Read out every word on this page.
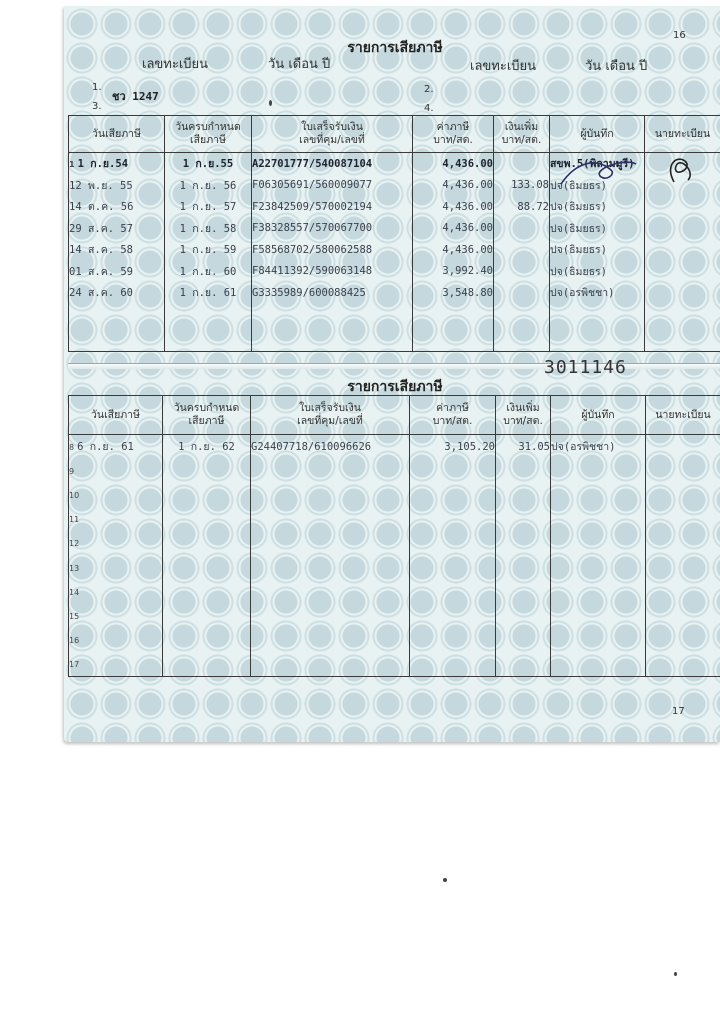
16
รายการเสียภาษี
เลขทะเบียน	วัน เดือน ปี	เลขทะเบียน	วัน เดือน ปี
1.	2.
3.	4.
ชว 1247
วันเสียภาษี	วันครบกำหนด
เสียภาษี	ใบเสร็จรับเงิน
เลขที่คุม/เลขที่	ค่าภาษี
บาท/สต.	เงินเพิ่ม
บาท/สต.	ผู้บันทึก	นายทะเบียน
1 1 ก.ย.54	1 ก.ย.55	A22701777/540087104	4,436.00		สขพ.5(พิลามมูรี)	
12 พ.ย. 55	1 ก.ย. 56	F06305691/560009077	4,436.00	133.08	ปจ(ธิมยธร)	
14 ต.ค. 56	1 ก.ย. 57	F23842509/570002194	4,436.00	88.72	ปจ(ธิมยธร)	
29 ส.ค. 57	1 ก.ย. 58	F38328557/570067700	4,436.00		ปจ(ธิมยธร)	
14 ส.ค. 58	1 ก.ย. 59	F58568702/580062588	4,436.00		ปจ(ธิมยธร)	
01 ส.ค. 59	1 ก.ย. 60	F84411392/590063148	3,992.40		ปจ(ธิมยธร)	
24 ส.ค. 60	1 ก.ย. 61	G3335989/600088425	3,548.80		ปจ(อรพิชชา)	

3011146
รายการเสียภาษี
วันเสียภาษี	วันครบกำหนด
เสียภาษี	ใบเสร็จรับเงิน
เลขที่คุม/เลขที่	ค่าภาษี
บาท/สต.	เงินเพิ่ม
บาท/สต.	ผู้บันทึก	นายทะเบียน
8 6 ก.ย. 61	1 ก.ย. 62	G24407718/610096626	3,105.20	31.05	ปจ(อรพิชชา)	
9						
10						
11						
12						
13						
14						
15						
16						
17						
17
